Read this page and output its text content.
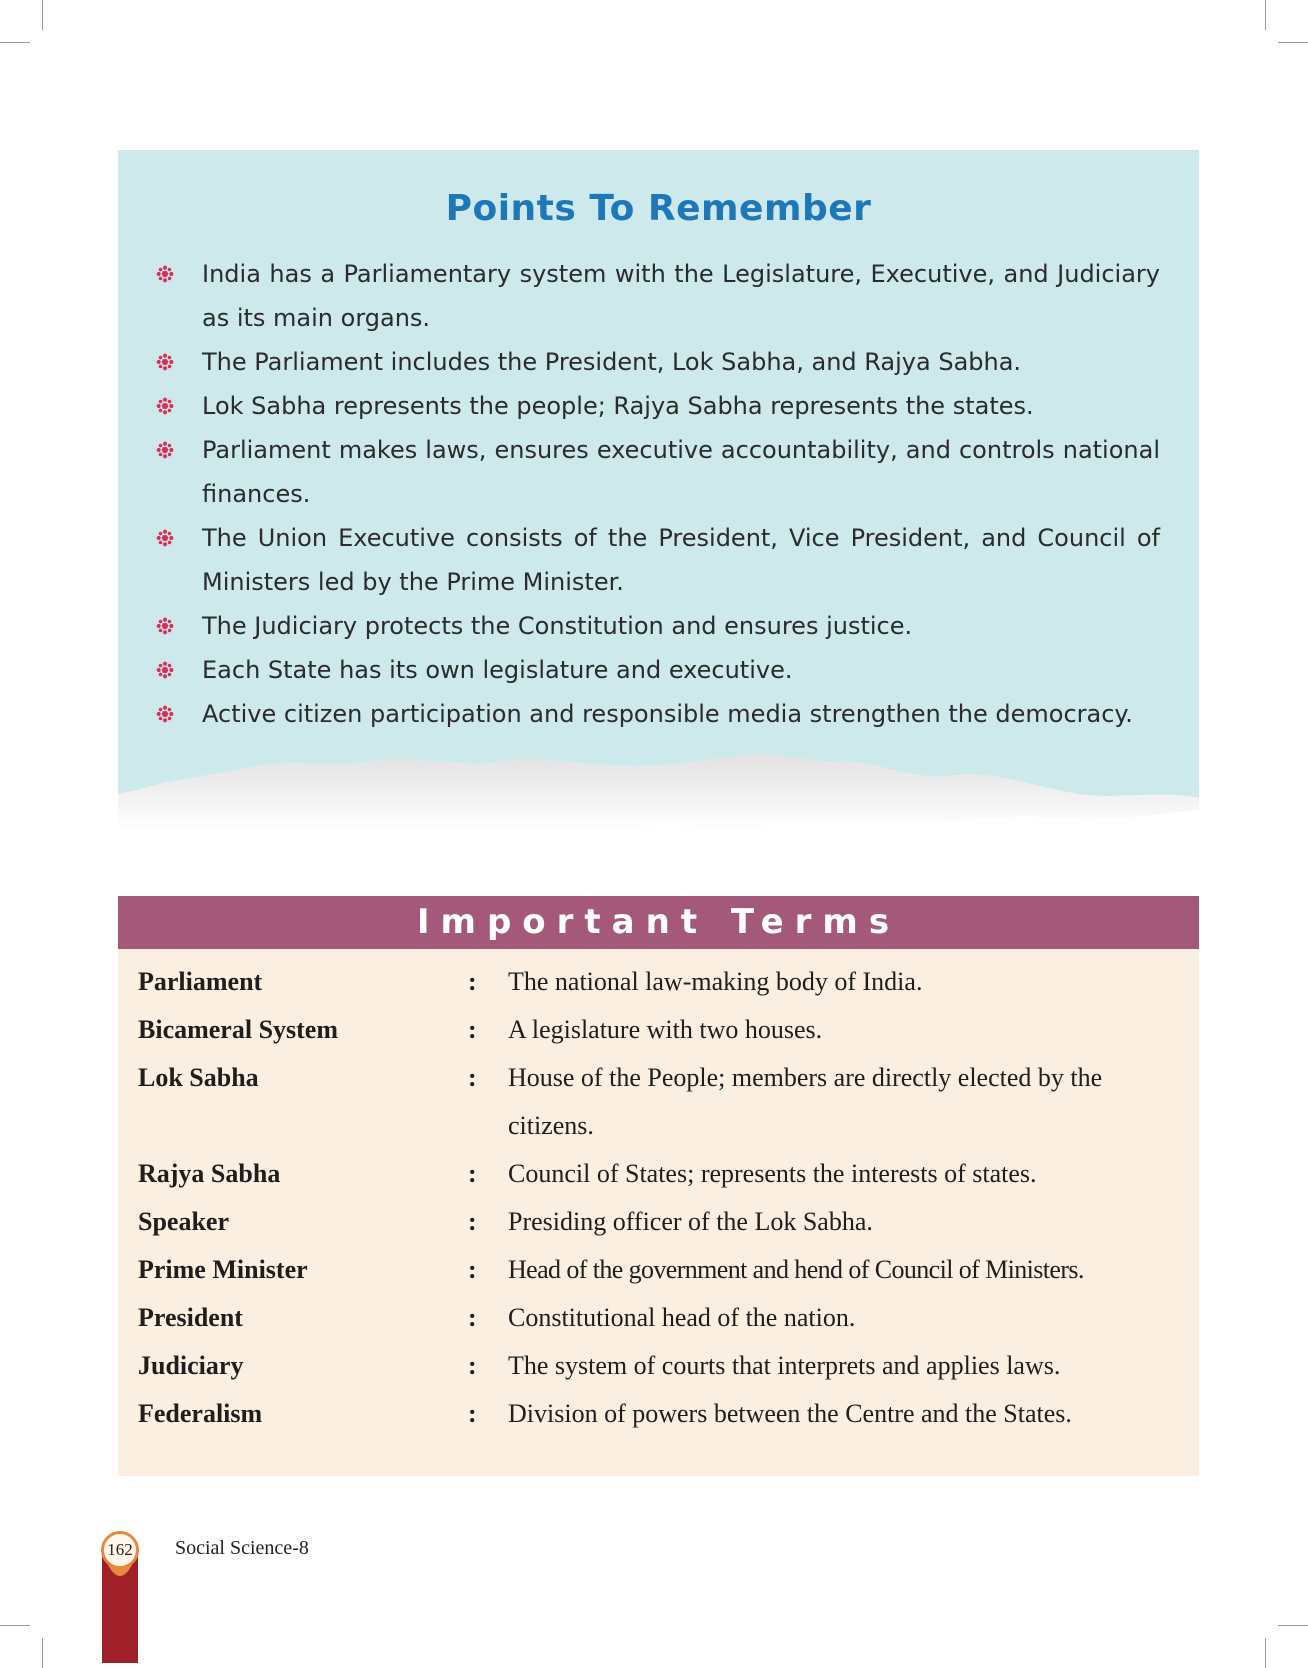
Points To Remember
India has a Parliamentary system with the Legislature, Executive, and Judiciary as its main organs.
The Parliament includes the President, Lok Sabha, and Rajya Sabha.
Lok Sabha represents the people; Rajya Sabha represents the states.
Parliament makes laws, ensures executive accountability, and controls national finances.
The Union Executive consists of the President, Vice President, and Council of Ministers led by the Prime Minister.
The Judiciary protects the Constitution and ensures justice.
Each State has its own legislature and executive.
Active citizen participation and responsible media strengthen the democracy.
Important Terms
Parliament	:	The national law-making body of India.
Bicameral System	:	A legislature with two houses.
Lok Sabha	:	House of the People; members are directly elected by the citizens.
Rajya Sabha	:	Council of States; represents the interests of states.
Speaker	:	Presiding officer of the Lok Sabha.
Prime Minister	:	Head of the government and hend of Council of Ministers.
President	:	Constitutional head of the nation.
Judiciary	:	The system of courts that interprets and applies laws.
Federalism	:	Division of powers between the Centre and the States.
162	Social Science-8
